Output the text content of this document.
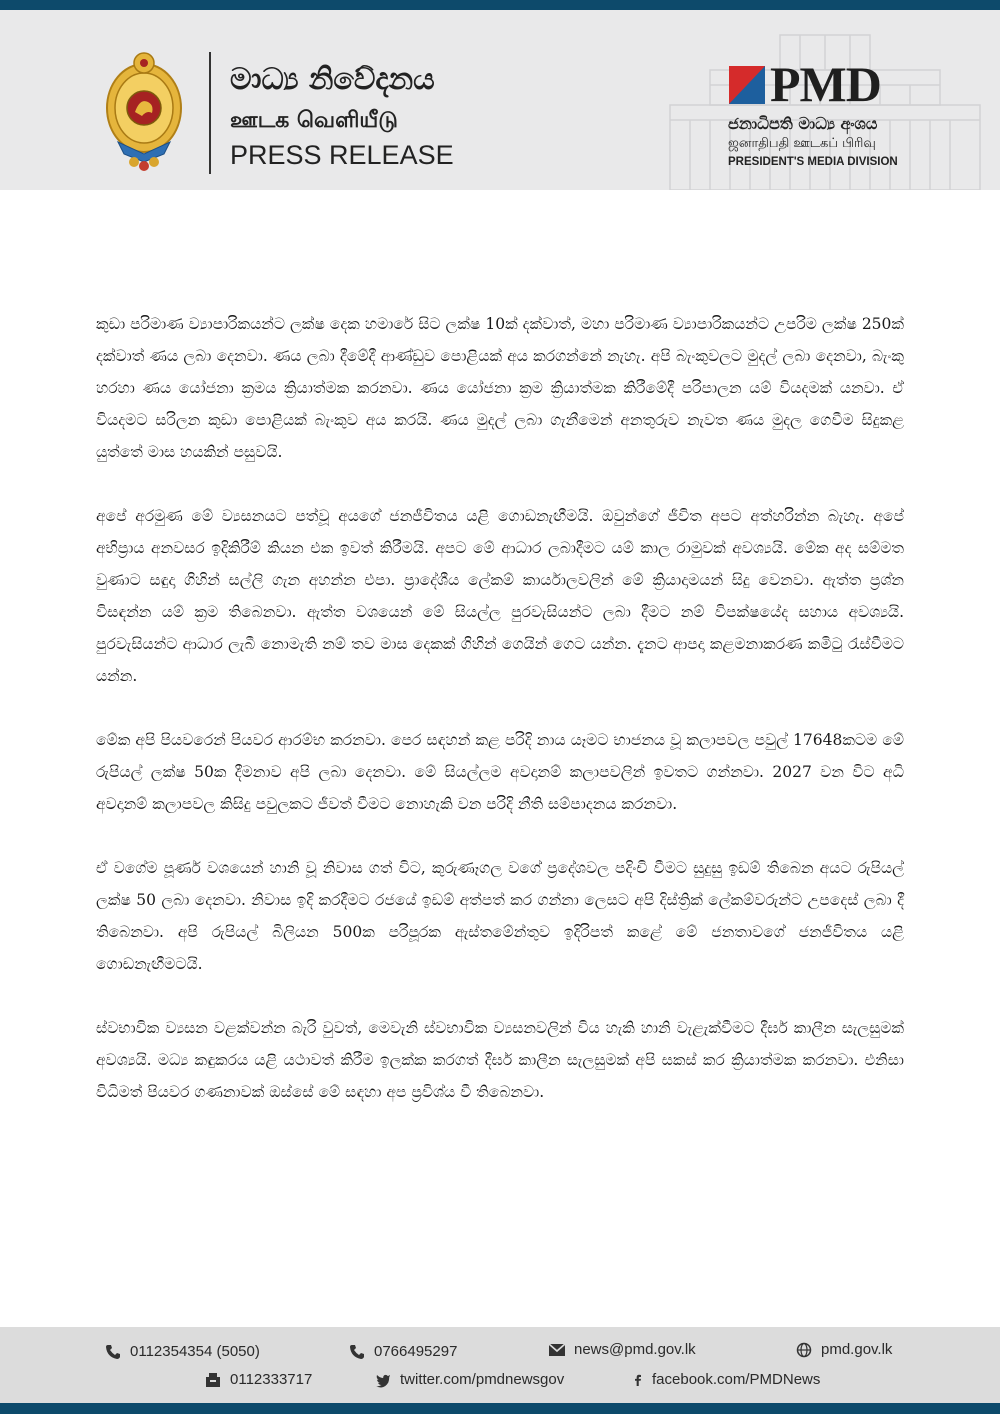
මාධ්‍ය නිවේදනය
ஊடக வெளியீடு
PRESS RELEASE
PMD
ජනාධිපති මාධ්‍ය අංශය
ஜனாதிபதி ஊடகப் பிரிவு
PRESIDENT'S MEDIA DIVISION

කුඩා පරිමාණ ව්‍යාපාරිකයන්ට ලක්ෂ දෙක හමාරේ සිට ලක්ෂ 10ක් දක්වාත්, මහා පරිමාණ ව්‍යාපාරිකයන්ට උපරිම ලක්ෂ 250ක් දක්වාත් ණය ලබා දෙනවා. ණය ලබා දීමේදී ආණ්ඩුව පොළියක් අය කරගන්නේ නැහැ. අපි බැංකුවලට මුදල් ලබා දෙනවා, බැංකු හරහා ණය යෝජනා ක්‍රමය ක්‍රියාත්මක කරනවා. ණය යෝජනා ක්‍රම ක්‍රියාත්මක කිරීමේදී පරිපාලන යම් වියදමක් යනවා. ඒ වියදමට සරිලන කුඩා පොළියක් බැංකුව අය කරයි. ණය මුදල් ලබා ගැනීමෙන් අනතුරුව නැවත ණය මුදල ගෙවීම සිදුකළ යුත්තේ මාස හයකින් පසුවයි.

අපේ අරමුණ මේ ව්‍යසනයට පත්වූ අයගේ ජනජීවිතය යළි ගොඩනැඟීමයි. ඔවුන්ගේ ජීවිත අපට අත්හරින්න බැහැ. අපේ අභිප්‍රාය අනවසර ඉදිකිරීම් කියන එක ඉවත් කිරීමයි. අපට මේ ආධාර ලබාදීමට යම් කාල රාමුවක් අවශ්‍යයි. මේක අද සම්මත වුණාට සඳුදා ගිහින් සල්ලි ගැන අහන්න එපා. ප්‍රාදේශීය ලේකම් කාර්යාලවලින් මේ ක්‍රියාදාමයන් සිදු වෙනවා. ඇත්ත ප්‍රශ්න විසඳන්න යම් ක්‍රම තිබෙනවා. ඇත්ත වශයෙන් මේ සියල්ල පුරවැසියන්ට ලබා දීමට නම් විපක්ෂයේද සහාය අවශ්‍යයි. පුරවැසියන්ට ආධාර ලැබී නොමැති නම් තව මාස දෙකක් ගිහින් ගෙයින් ගෙට යන්න. දැනට ආපදා කළමනාකරණ කමිටු රැස්වීමට යන්න.

මේක අපි පියවරෙන් පියවර ආරම්භ කරනවා. පෙර සඳහන් කළ පරිදි නාය යෑමට භාජනය වූ කලාපවල පවුල් 17648කටම මේ රුපියල් ලක්ෂ 50ක දීමනාව අපි ලබා දෙනවා. මේ සියල්ලම අවදානම් කලාපවලින් ඉවතට ගන්නවා. 2027 වන විට අධි අවදානම් කලාපවල කිසිදු පවුලකට ජීවත් වීමට නොහැකි වන පරිදි නීති සම්පාදනය කරනවා.

ඒ වගේම පූර්ණ වශයෙන් හානි වූ නිවාස ගත් විට, කුරුණෑගල වගේ ප්‍රදේශවල පදිංචි වීමට සුදුසු ඉඩම් තිබෙන අයට රුපියල් ලක්ෂ 50 ලබා දෙනවා. නිවාස ඉදි කරදීමට රජයේ ඉඩම් අත්පත් කර ගන්නා ලෙසට අපි දිස්ත්‍රික් ලේකම්වරුන්ට උපදෙස් ලබා දී තිබෙනවා. අපි රුපියල් බිලියන 500ක පරිපූරක ඇස්තමේන්තුව ඉදිරිපත් කළේ මේ ජනතාවගේ ජනජීවිතය යළි ගොඩනැඟීමටයි.

ස්වභාවික ව්‍යසන වළක්වන්න බැරි වුවත්, මෙවැනි ස්වභාවික ව්‍යසනවලින් විය හැකි හානි වැළැක්වීමට දීර්ඝ කාලීන සැලසුමක් අවශ්‍යයි. මධ්‍ය කඳුකරය යළි යථාවත් කිරීම ඉලක්ක කරගත් දීර්ඝ කාලීන සැලසුමක් අපි සකස් කර ක්‍රියාත්මක කරනවා. එනිසා විධිමත් පියවර ගණනාවක් ඔස්සේ මේ සඳහා අප ප්‍රවිශ්ය වී තිබෙනවා.

0112354354 (5050)	0766495297	news@pmd.gov.lk	pmd.gov.lk
0112333717	twitter.com/pmdnewsgov	facebook.com/PMDNews
